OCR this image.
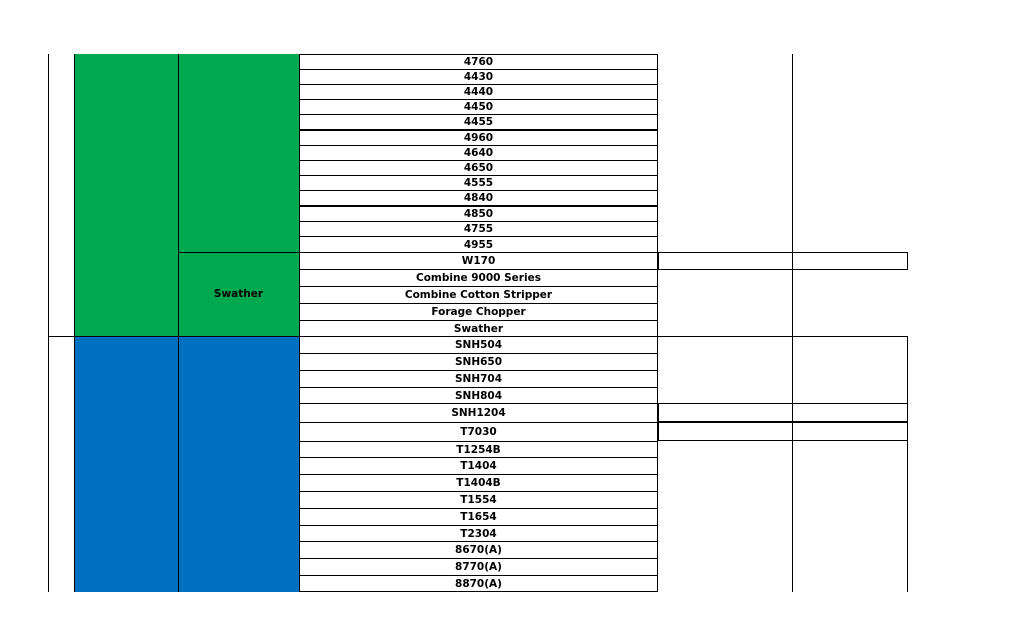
Swather
4760
4430
4440
4450
4455
4960
4640
4650
4555
4840
4850
4755
4955
W170
Combine 9000 Series
Combine Cotton Stripper
Forage Chopper
Swather
SNH504
SNH650
SNH704
SNH804
SNH1204
T7030
T1254B
T1404
T1404B
T1554
T1654
T2304
8670(A)
8770(A)
8870(A)
